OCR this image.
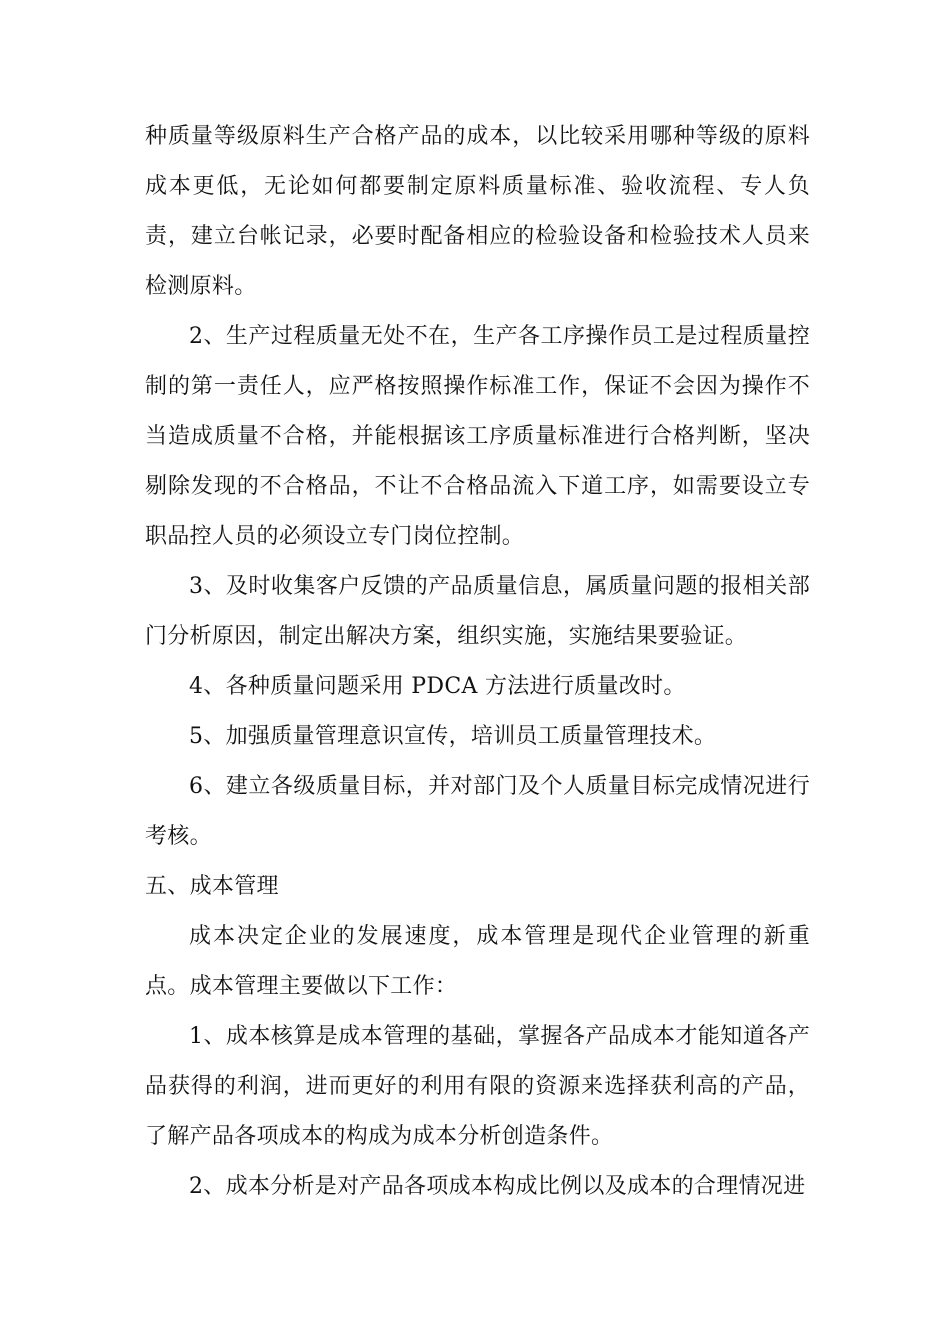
种质量等级原料生产合格产品的成本，以比较采用哪种等级的原料成本更低，无论如何都要制定原料质量标准、验收流程、专人负责，建立台帐记录，必要时配备相应的检验设备和检验技术人员来检测原料。

2、生产过程质量无处不在，生产各工序操作员工是过程质量控制的第一责任人，应严格按照操作标准工作，保证不会因为操作不当造成质量不合格，并能根据该工序质量标准进行合格判断，坚决剔除发现的不合格品，不让不合格品流入下道工序，如需要设立专职品控人员的必须设立专门岗位控制。

3、及时收集客户反馈的产品质量信息，属质量问题的报相关部门分析原因，制定出解决方案，组织实施，实施结果要验证。

4、各种质量问题采用 PDCA 方法进行质量改时。

5、加强质量管理意识宣传，培训员工质量管理技术。

6、建立各级质量目标，并对部门及个人质量目标完成情况进行考核。

五、成本管理

成本决定企业的发展速度，成本管理是现代企业管理的新重点。成本管理主要做以下工作：

1、成本核算是成本管理的基础，掌握各产品成本才能知道各产品获得的利润，进而更好的利用有限的资源来选择获利高的产品，了解产品各项成本的构成为成本分析创造条件。

2、成本分析是对产品各项成本构成比例以及成本的合理情况进
